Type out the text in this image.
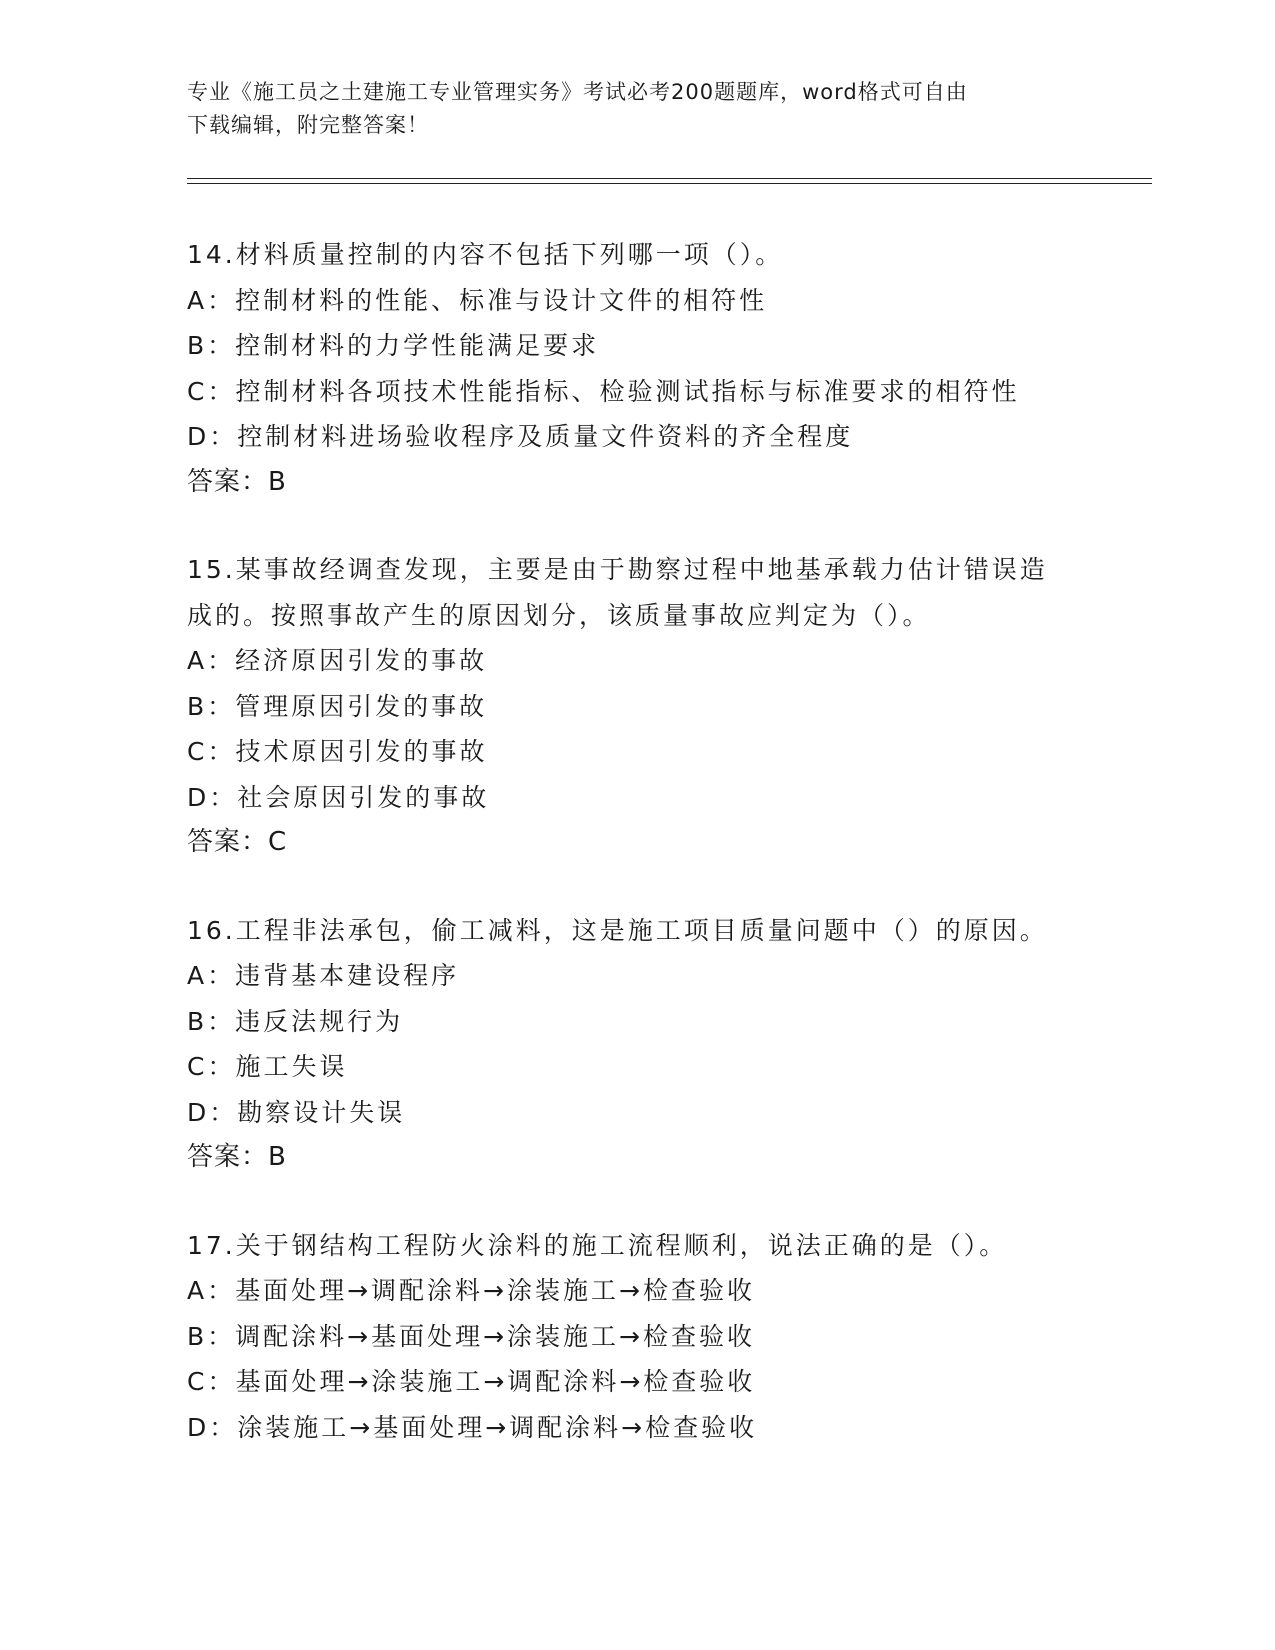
专业《施工员之土建施工专业管理实务》考试必考200题题库，word格式可自由
下载编辑，附完整答案！
14.材料质量控制的内容不包括下列哪一项（）。
A：控制材料的性能、标准与设计文件的相符性
B：控制材料的力学性能满足要求
C：控制材料各项技术性能指标、检验测试指标与标准要求的相符性
D：控制材料进场验收程序及质量文件资料的齐全程度
答案：B
15.某事故经调查发现，主要是由于勘察过程中地基承载力估计错误造
成的。按照事故产生的原因划分，该质量事故应判定为（）。
A：经济原因引发的事故
B：管理原因引发的事故
C：技术原因引发的事故
D：社会原因引发的事故
答案：C
16.工程非法承包，偷工减料，这是施工项目质量问题中（）的原因。
A：违背基本建设程序
B：违反法规行为
C：施工失误
D：勘察设计失误
答案：B
17.关于钢结构工程防火涂料的施工流程顺利，说法正确的是（）。
A：基面处理→调配涂料→涂装施工→检查验收
B：调配涂料→基面处理→涂装施工→检查验收
C：基面处理→涂装施工→调配涂料→检查验收
D：涂装施工→基面处理→调配涂料→检查验收
